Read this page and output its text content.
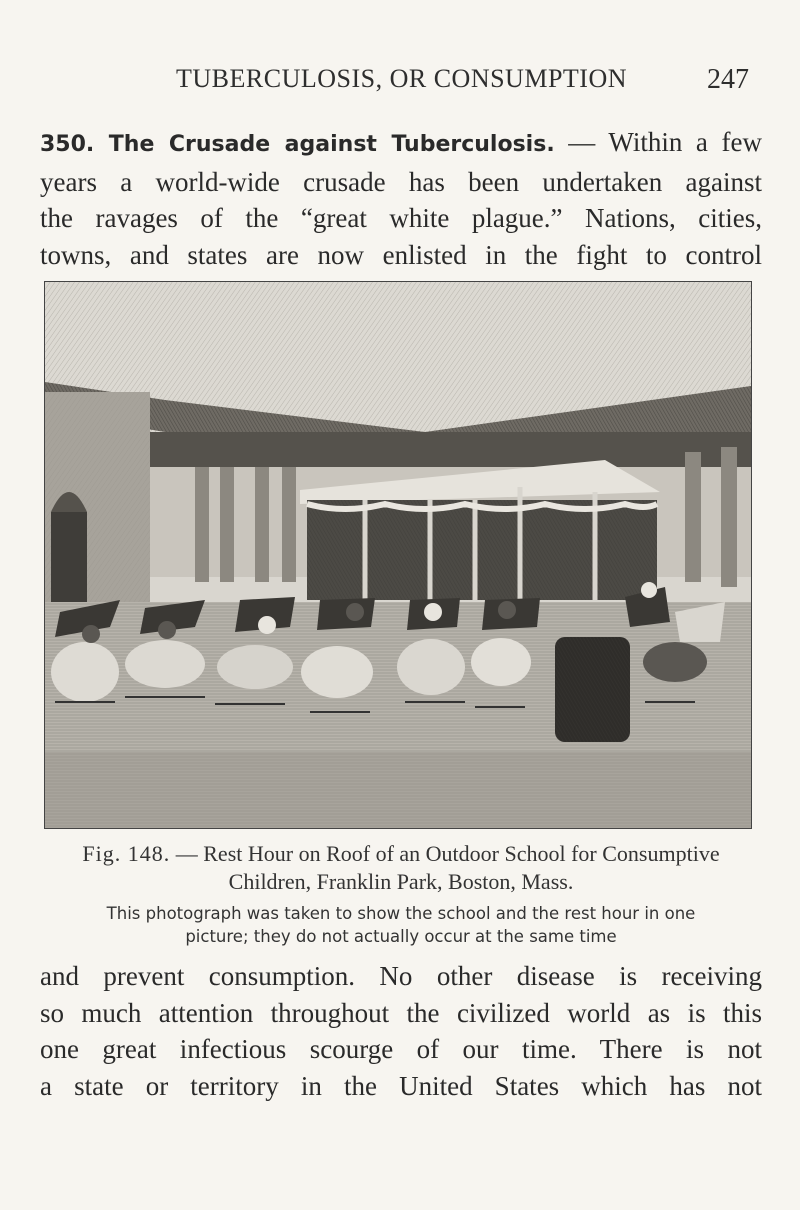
TUBERCULOSIS, OR CONSUMPTION	247
350. The Crusade against Tuberculosis. — Within a few
years a world-wide crusade has been undertaken against
the ravages of the “great white plague.” Nations, cities,
towns, and states are now enlisted in the fight to control
Fig. 148. — Rest Hour on Roof of an Outdoor School for Consumptive
Children, Franklin Park, Boston, Mass.
This photograph was taken to show the school and the rest hour in one
picture; they do not actually occur at the same time
and prevent consumption. No other disease is receiving
so much attention throughout the civilized world as is this
one great infectious scourge of our time. There is not
a state or territory in the United States which has not
